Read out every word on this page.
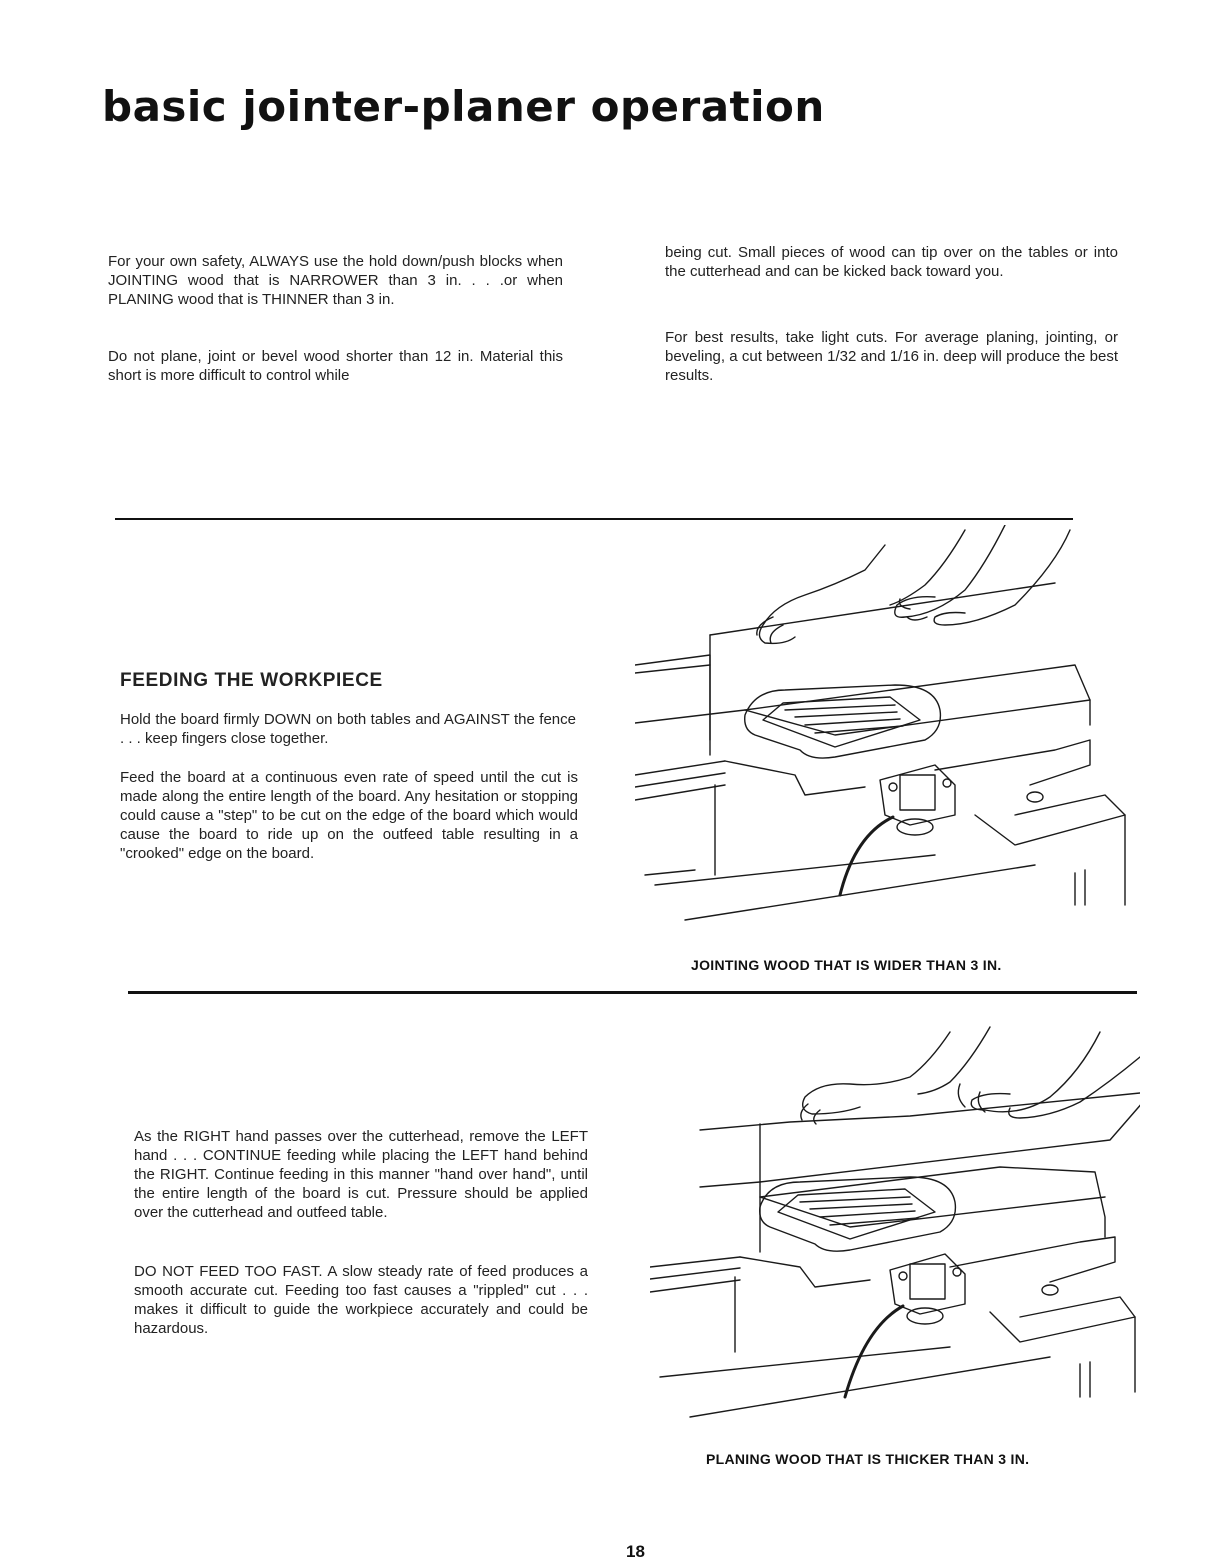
basic jointer-planer operation

For your own safety, ALWAYS use the hold down/push blocks when JOINTING wood that is NARROWER than 3 in. . . .or when PLANING wood that is THINNER than 3 in.

Do not plane, joint or bevel wood shorter than 12 in. Material this short is more difficult to control while

being cut. Small pieces of wood can tip over on the tables or into the cutterhead and can be kicked back toward you.

For best results, take light cuts. For average planing, jointing, or beveling, a cut between 1/32 and 1/16 in. deep will produce the best results.

FEEDING THE WORKPIECE

Hold the board firmly DOWN on both tables and AGAINST the fence . . . keep fingers close together.

Feed the board at a continuous even rate of speed until the cut is made along the entire length of the board. Any hesitation or stopping could cause a "step" to be cut on the edge of the board which would cause the board to ride up on the outfeed table resulting in a "crooked" edge on the board.

JOINTING WOOD THAT IS WIDER THAN 3 IN.

As the RIGHT hand passes over the cutterhead, remove the LEFT hand . . . CONTINUE feeding while placing the LEFT hand behind the RIGHT. Continue feeding in this manner "hand over hand", until the entire length of the board is cut. Pressure should be applied over the cutterhead and outfeed table.

DO NOT FEED TOO FAST. A slow steady rate of feed produces a smooth accurate cut. Feeding too fast causes a "rippled" cut . . . makes it difficult to guide the workpiece accurately and could be hazardous.

PLANING WOOD THAT IS THICKER THAN 3 IN.

18
